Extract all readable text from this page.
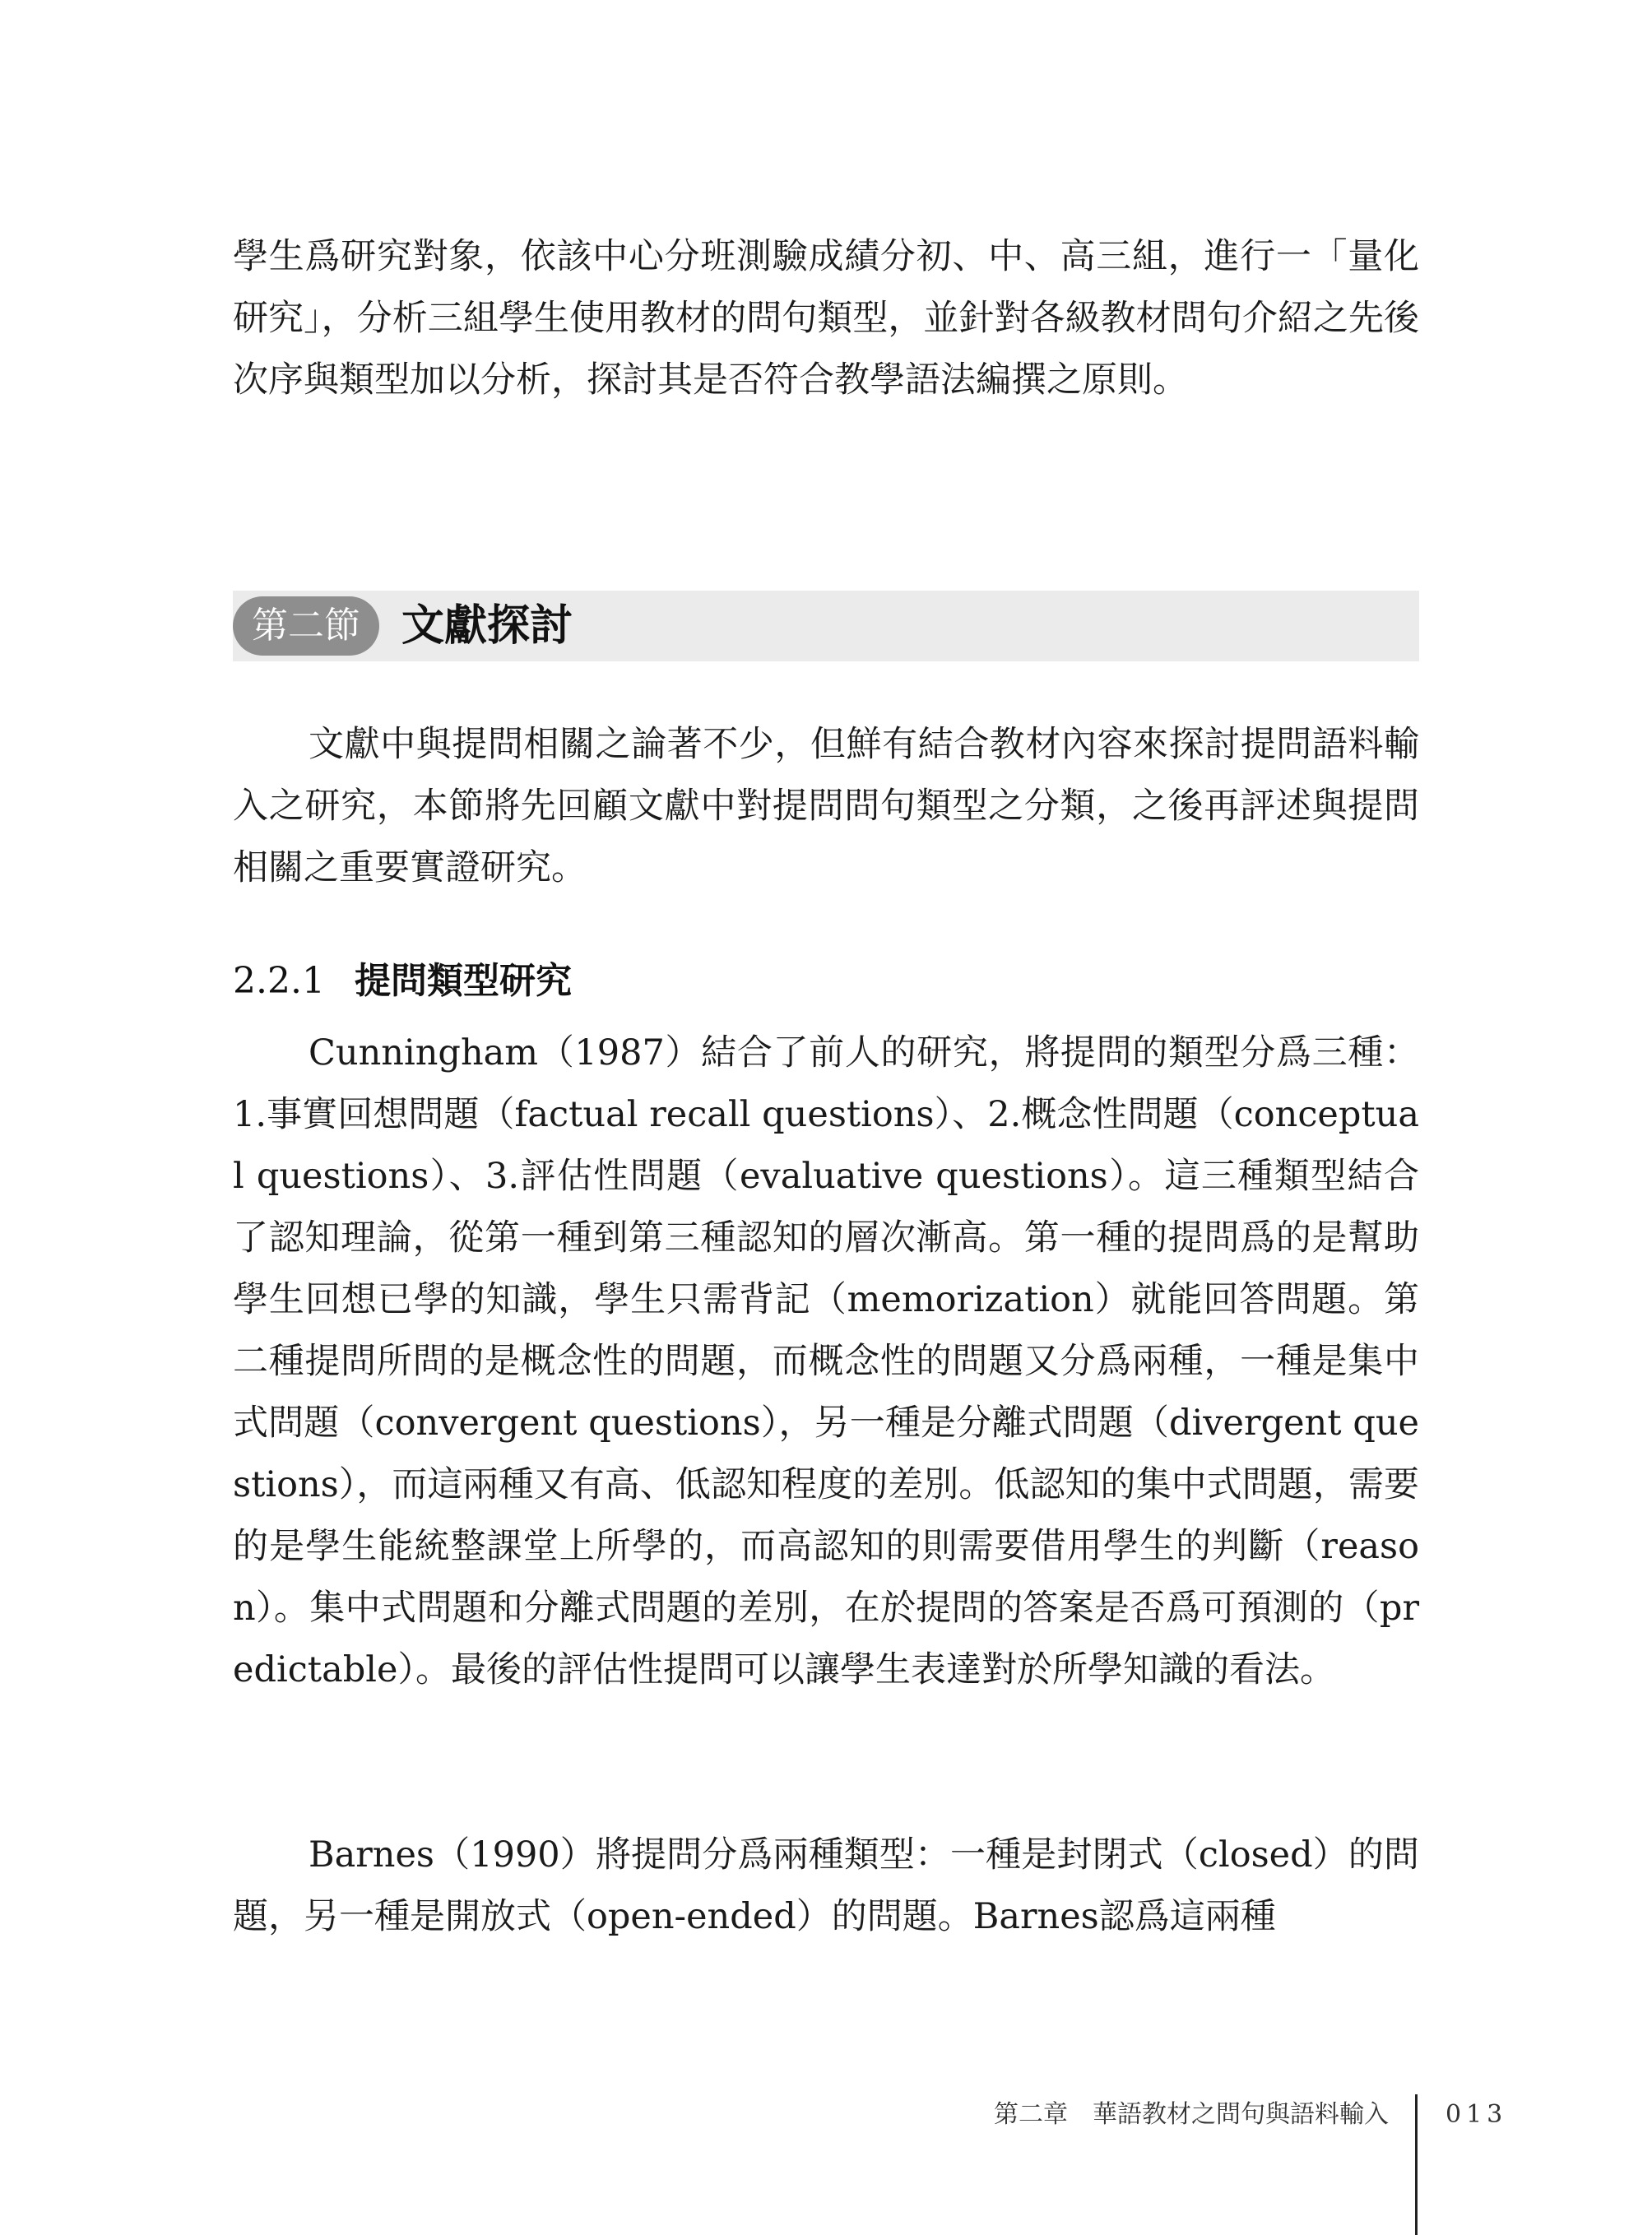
學生爲研究對象，依該中心分班測驗成績分初、中、高三組，進行一「量化研究」，分析三組學生使用教材的問句類型，並針對各級教材問句介紹之先後次序與類型加以分析，探討其是否符合教學語法編撰之原則。

第二節 文獻探討

文獻中與提問相關之論著不少，但鮮有結合教材內容來探討提問語料輸入之研究，本節將先回顧文獻中對提問問句類型之分類，之後再評述與提問相關之重要實證研究。

2.2.1 提問類型研究

Cunningham（1987）結合了前人的研究，將提問的類型分爲三種：1.事實回想問題（factual recall questions）、2.概念性問題（conceptual questions）、3.評估性問題（evaluative questions）。這三種類型結合了認知理論，從第一種到第三種認知的層次漸高。第一種的提問爲的是幫助學生回想已學的知識，學生只需背記（memorization）就能回答問題。第二種提問所問的是概念性的問題，而概念性的問題又分爲兩種，一種是集中式問題（convergent questions），另一種是分離式問題（divergent questions），而這兩種又有高、低認知程度的差別。低認知的集中式問題，需要的是學生能統整課堂上所學的，而高認知的則需要借用學生的判斷（reason）。集中式問題和分離式問題的差別，在於提問的答案是否爲可預測的（predictable）。最後的評估性提問可以讓學生表達對於所學知識的看法。

Barnes（1990）將提問分爲兩種類型：一種是封閉式（closed）的問題，另一種是開放式（open-ended）的問題。Barnes認爲這兩種

第二章　華語教材之問句與語料輸入 013
